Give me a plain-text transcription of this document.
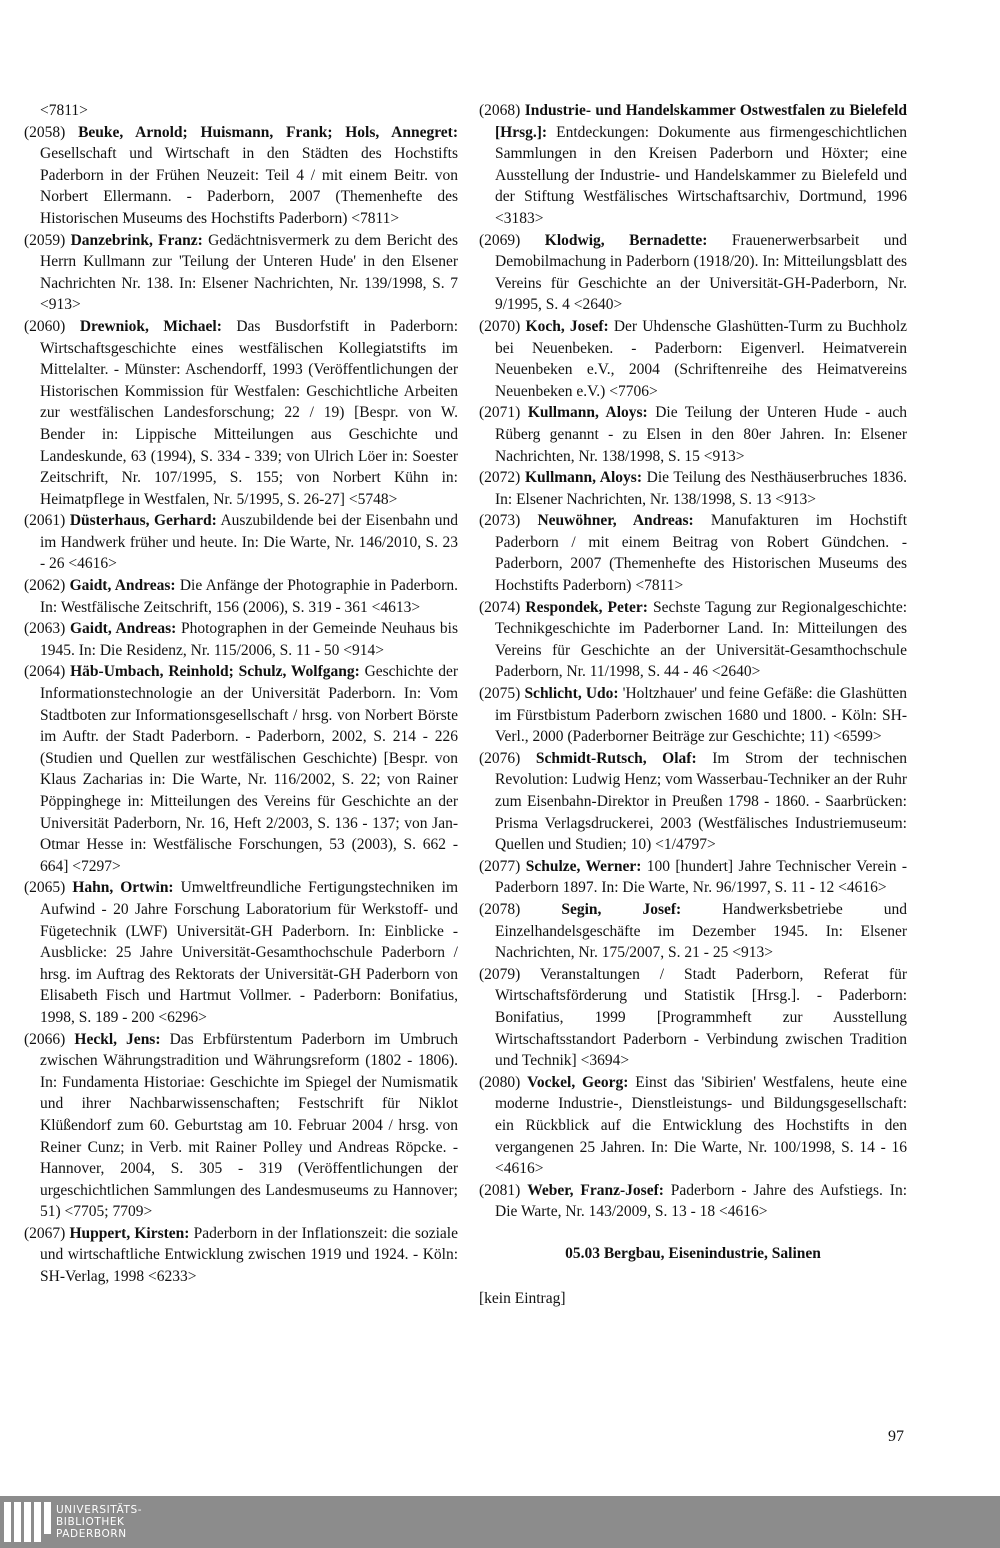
<7811>

(2058) Beuke, Arnold; Huismann, Frank; Hols, Annegret: Gesellschaft und Wirtschaft in den Städten des Hochstifts Paderborn in der Frühen Neuzeit: Teil 4 / mit einem Beitr. von Norbert Ellermann. - Paderborn, 2007 (Themenhefte des Historischen Museums des Hochstifts Paderborn) <7811>

(2059) Danzebrink, Franz: Gedächtnisvermerk zu dem Bericht des Herrn Kullmann zur 'Teilung der Unteren Hude' in den Elsener Nachrichten Nr. 138. In: Elsener Nachrichten, Nr. 139/1998, S. 7 <913>

(2060) Drewniok, Michael: Das Busdorfstift in Paderborn: Wirtschaftsgeschichte eines westfälischen Kollegiatstifts im Mittelalter. - Münster: Aschendorff, 1993 (Veröffentlichungen der Historischen Kommission für Westfalen: Geschichtliche Arbeiten zur westfälischen Landesforschung; 22 / 19) [Bespr. von W. Bender in: Lippische Mitteilungen aus Geschichte und Landeskunde, 63 (1994), S. 334 - 339; von Ulrich Löer in: Soester Zeitschrift, Nr. 107/1995, S. 155; von Norbert Kühn in: Heimatpflege in Westfalen, Nr. 5/1995, S. 26-27] <5748>

(2061) Düsterhaus, Gerhard: Auszubildende bei der Eisenbahn und im Handwerk früher und heute. In: Die Warte, Nr. 146/2010, S. 23 - 26 <4616>

(2062) Gaidt, Andreas: Die Anfänge der Photographie in Paderborn. In: Westfälische Zeitschrift, 156 (2006), S. 319 - 361 <4613>

(2063) Gaidt, Andreas: Photographen in der Gemeinde Neuhaus bis 1945. In: Die Residenz, Nr. 115/2006, S. 11 - 50 <914>

(2064) Häb-Umbach, Reinhold; Schulz, Wolfgang: Geschichte der Informationstechnologie an der Universität Paderborn. In: Vom Stadtboten zur Informationsgesellschaft / hrsg. von Norbert Börste im Auftr. der Stadt Paderborn. - Paderborn, 2002, S. 214 - 226 (Studien und Quellen zur westfälischen Geschichte) [Bespr. von Klaus Zacharias in: Die Warte, Nr. 116/2002, S. 22; von Rainer Pöppinghege in: Mitteilungen des Vereins für Geschichte an der Universität Paderborn, Nr. 16, Heft 2/2003, S. 136 - 137; von Jan-Otmar Hesse in: Westfälische Forschungen, 53 (2003), S. 662 - 664] <7297>

(2065) Hahn, Ortwin: Umweltfreundliche Fertigungstechniken im Aufwind - 20 Jahre Forschung Laboratorium für Werkstoff- und Fügetechnik (LWF) Universität-GH Paderborn. In: Einblicke - Ausblicke: 25 Jahre Universität-Gesamthochschule Paderborn / hrsg. im Auftrag des Rektorats der Universität-GH Paderborn von Elisabeth Fisch und Hartmut Vollmer. - Paderborn: Bonifatius, 1998, S. 189 - 200 <6296>

(2066) Heckl, Jens: Das Erbfürstentum Paderborn im Umbruch zwischen Währungstradition und Währungsreform (1802 - 1806). In: Fundamenta Historiae: Geschichte im Spiegel der Numismatik und ihrer Nachbarwissenschaften; Festschrift für Niklot Klüßendorf zum 60. Geburtstag am 10. Februar 2004 / hrsg. von Reiner Cunz; in Verb. mit Rainer Polley und Andreas Röpcke. - Hannover, 2004, S. 305 - 319 (Veröffentlichungen der urgeschichtlichen Sammlungen des Landesmuseums zu Hannover; 51) <7705; 7709>

(2067) Huppert, Kirsten: Paderborn in der Inflationszeit: die soziale und wirtschaftliche Entwicklung zwischen 1919 und 1924. - Köln: SH-Verlag, 1998 <6233>

(2068) Industrie- und Handelskammer Ostwestfalen zu Bielefeld [Hrsg.]: Entdeckungen: Dokumente aus firmengeschichtlichen Sammlungen in den Kreisen Paderborn und Höxter; eine Ausstellung der Industrie- und Handelskammer zu Bielefeld und der Stiftung Westfälisches Wirtschaftsarchiv, Dortmund, 1996 <3183>

(2069) Klodwig, Bernadette: Frauenerwerbsarbeit und Demobilmachung in Paderborn (1918/20). In: Mitteilungsblatt des Vereins für Geschichte an der Universität-GH-Paderborn, Nr. 9/1995, S. 4 <2640>

(2070) Koch, Josef: Der Uhdensche Glashütten-Turm zu Buchholz bei Neuenbeken. - Paderborn: Eigenverl. Heimatverein Neuenbeken e.V., 2004 (Schriftenreihe des Heimatvereins Neuenbeken e.V.) <7706>

(2071) Kullmann, Aloys: Die Teilung der Unteren Hude - auch Rüberg genannt - zu Elsen in den 80er Jahren. In: Elsener Nachrichten, Nr. 138/1998, S. 15 <913>

(2072) Kullmann, Aloys: Die Teilung des Nesthäuserbruches 1836. In: Elsener Nachrichten, Nr. 138/1998, S. 13 <913>

(2073) Neuwöhner, Andreas: Manufakturen im Hochstift Paderborn / mit einem Beitrag von Robert Gündchen. - Paderborn, 2007 (Themenhefte des Historischen Museums des Hochstifts Paderborn) <7811>

(2074) Respondek, Peter: Sechste Tagung zur Regionalgeschichte: Technikgeschichte im Paderborner Land. In: Mitteilungen des Vereins für Geschichte an der Universität-Gesamthochschule Paderborn, Nr. 11/1998, S. 44 - 46 <2640>

(2075) Schlicht, Udo: 'Holtzhauer' und feine Gefäße: die Glashütten im Fürstbistum Paderborn zwischen 1680 und 1800. - Köln: SH-Verl., 2000 (Paderborner Beiträge zur Geschichte; 11) <6599>

(2076) Schmidt-Rutsch, Olaf: Im Strom der technischen Revolution: Ludwig Henz; vom Wasserbau-Techniker an der Ruhr zum Eisenbahn-Direktor in Preußen 1798 - 1860. - Saarbrücken: Prisma Verlagsdruckerei, 2003 (Westfälisches Industriemuseum: Quellen und Studien; 10) <1/4797>

(2077) Schulze, Werner: 100 [hundert] Jahre Technischer Verein - Paderborn 1897. In: Die Warte, Nr. 96/1997, S. 11 - 12 <4616>

(2078)	Segin, Josef:	Handwerksbetriebe und Einzelhandelsgeschäfte im Dezember 1945. In: Elsener Nachrichten, Nr. 175/2007, S. 21 - 25 <913>

(2079) Veranstaltungen / Stadt Paderborn, Referat für Wirtschaftsförderung und Statistik [Hrsg.]. - Paderborn: Bonifatius, 1999 [Programmheft zur Ausstellung Wirtschaftsstandort Paderborn - Verbindung zwischen Tradition und Technik] <3694>

(2080) Vockel, Georg: Einst das 'Sibirien' Westfalens, heute eine moderne Industrie-, Dienstleistungs- und Bildungsgesellschaft: ein Rückblick auf die Entwicklung des Hochstifts in den vergangenen 25 Jahren. In: Die Warte, Nr. 100/1998, S. 14 - 16 <4616>

(2081) Weber, Franz-Josef: Paderborn - Jahre des Aufstiegs. In: Die Warte, Nr. 143/2009, S. 13 - 18 <4616>

05.03 Bergbau, Eisenindustrie, Salinen

[kein Eintrag]

97
UNIVERSITÄTS-
BIBLIOTHEK
PADERBORN
